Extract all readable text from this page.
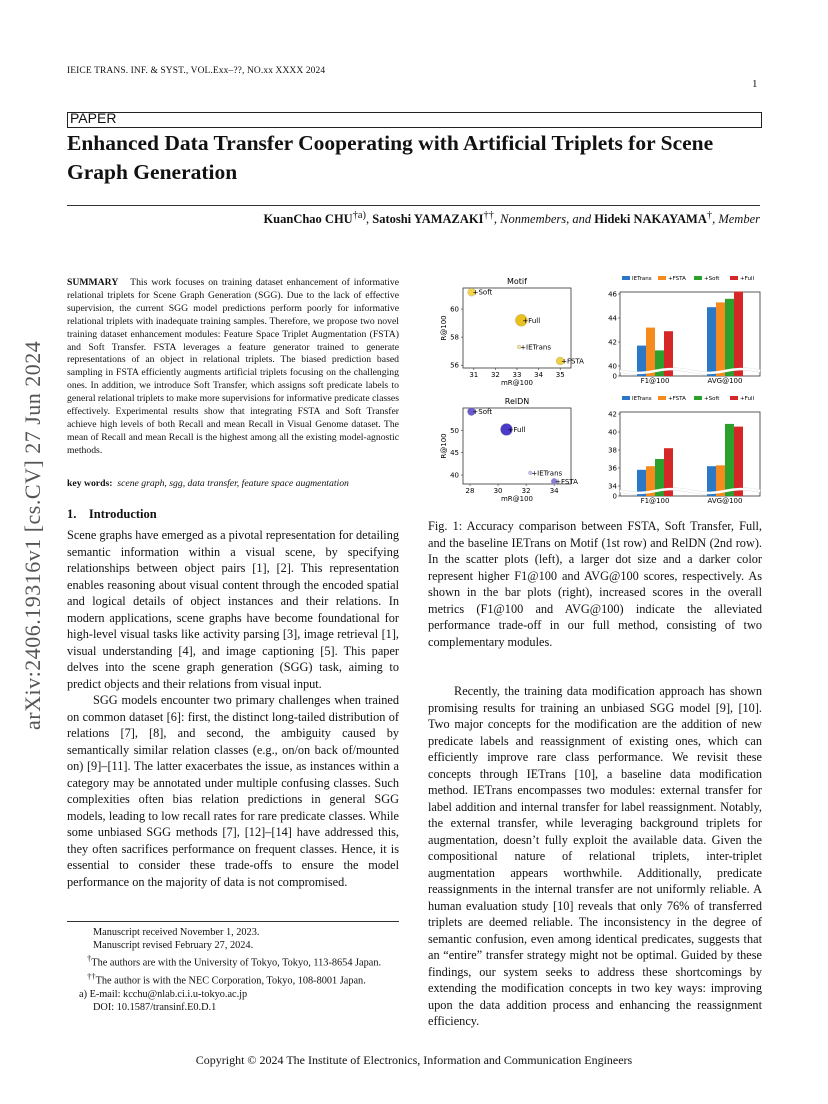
IEICE TRANS. INF. & SYST., VOL.Exx–??, NO.xx XXXX 2024
1
PAPER
Enhanced Data Transfer Cooperating with Artificial Triplets for Scene Graph Generation
KuanChao CHU$^{\dagger a)}$, Satoshi YAMAZAKI††, Nonmembers, and Hideki NAKAYAMA†, Member
arXiv:2406.19316v1 [cs.CV] 27 Jun 2024
SUMMARY This work focuses on training dataset enhancement of informative relational triplets for Scene Graph Generation (SGG). Due to the lack of effective supervision, the current SGG model predictions perform poorly for informative relational triplets with inadequate training samples. Therefore, we propose two novel training dataset enhancement modules: Feature Space Triplet Augmentation (FSTA) and Soft Transfer. FSTA leverages a feature generator trained to generate representations of an object in relational triplets. The biased prediction based sampling in FSTA efficiently augments artificial triplets focusing on the challenging ones. In addition, we introduce Soft Transfer, which assigns soft predicate labels to general relational triplets to make more supervisions for informative predicate classes effectively. Experimental results show that integrating FSTA and Soft Transfer achieve high levels of both Recall and mean Recall in Visual Genome dataset. The mean of Recall and mean Recall is the highest among all the existing model-agnostic methods.
key words: scene graph, sgg, data transfer, feature space augmentation
1.    Introduction

Scene graphs have emerged as a pivotal representation for detailing semantic information within a visual scene, by specifying relationships between object pairs [1], [2]. This representation enables reasoning about visual content through the encoded spatial and logical details of object instances and their relations. In modern applications, scene graphs have become foundational for high-level visual tasks like activity parsing [3], image retrieval [1], visual understanding [4], and image captioning [5]. This paper delves into the scene graph generation (SGG) task, aiming to predict objects and their relations from visual input.

SGG models encounter two primary challenges when trained on common dataset [6]: first, the distinct long-tailed distribution of relations [7], [8], and second, the ambiguity caused by semantically similar relation classes (e.g., on/on back of/mounted on) [9]–[11]. The latter exacerbates the issue, as instances within a category may be annotated under multiple confusing classes. Such complexities often bias relation predictions in general SGG models, leading to low recall rates for rare predicate classes. While some unbiased SGG methods [7], [12]–[14] have addressed this, they often sacrifices performance on frequent classes. Hence, it is essential to consider these trade-offs to ensure the model performance on the majority of data is not compromised.

Manuscript received November 1, 2023.
Manuscript revised February 27, 2024.
†The authors are with the University of Tokyo, Tokyo, 113-8654 Japan.
††The author is with the NEC Corporation, Tokyo, 108-8001 Japan.
a) E-mail: kcchu@nlab.ci.i.u-tokyo.ac.jp
DOI: 10.1587/transinf.E0.D.1
Motif
31 32 33 34 35
56
58
60
mR@100
R@100
+Soft
+Full
+IETrans
+FSTA
IETrans	+FSTA	+Soft	+Full
0
40
42
44
46
F1@100	AVG@100
RelDN
28	30	32	34
40
45
50
mR@100
R@100
+Soft
+Full
+IETrans
+FSTA
IETrans	+FSTA	+Soft	+Full
0
34
36
38
40
42
F1@100	AVG@100
Fig. 1: Accuracy comparison between FSTA, Soft Transfer, Full, and the baseline IETrans on Motif (1st row) and RelDN (2nd row). In the scatter plots (left), a larger dot size and a darker color represent higher F1@100 and AVG@100 scores, respectively. As shown in the bar plots (right), increased scores in the overall metrics (F1@100 and AVG@100) indicate the alleviated performance trade-off in our full method, consisting of two complementary modules.

Recently, the training data modification approach has shown promising results for training an unbiased SGG model [9], [10]. Two major concepts for the modification are the addition of new predicate labels and reassignment of existing ones, which can efficiently improve rare class performance. We revisit these concepts through IETrans [10], a baseline data modification method. IETrans encompasses two modules: external transfer for label addition and internal transfer for label reassignment. Notably, the external transfer, while leveraging background triplets for augmentation, doesn’t fully exploit the available data. Given the compositional nature of relational triplets, inter-triplet augmentation appears worthwhile. Additionally, predicate reassignments in the internal transfer are not uniformly reliable. A human evaluation study [10] reveals that only 76% of transferred triplets are deemed reliable. The inconsistency in the degree of semantic confusion, even among identical predicates, suggests that an “entire” transfer strategy might not be optimal. Guided by these findings, our system seeks to address these shortcomings by extending the modification concepts in two key ways: improving upon the data addition process and enhancing the reassignment efficiency.

Copyright © 2024 The Institute of Electronics, Information and Communication Engineers
